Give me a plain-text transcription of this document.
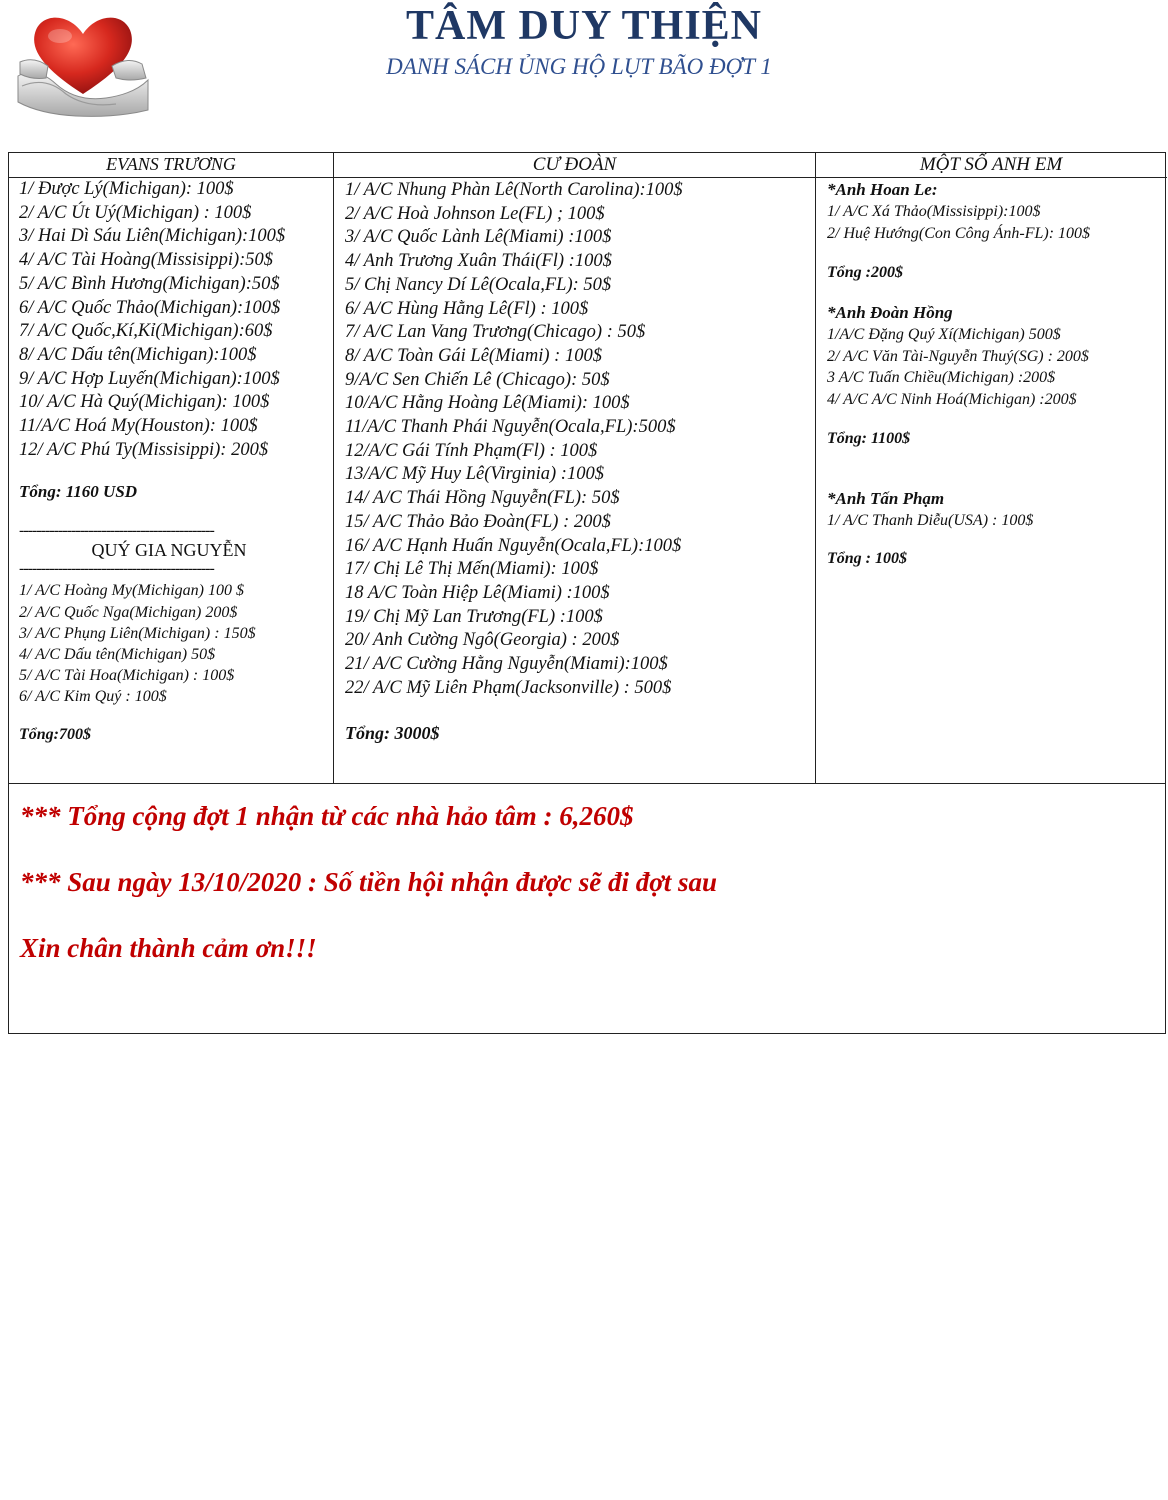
TÂM DUY THIỆN
DANH SÁCH ỦNG HỘ LỤT BÃO ĐỢT 1
EVANS TRƯƠNG
1/ Được Lý(Michigan): 100$
2/ A/C Út Uý(Michigan) : 100$
3/ Hai Dì Sáu Liên(Michigan):100$
4/ A/C Tài Hoàng(Missisippi):50$
5/ A/C Bình Hương(Michigan):50$
6/ A/C Quốc Thảo(Michigan):100$
7/ A/C Quốc,Kí,Kỉ(Michigan):60$
8/ A/C Dấu tên(Michigan):100$
9/ A/C Hợp Luyến(Michigan):100$
10/ A/C Hà Quý(Michigan): 100$
11/A/C Hoá My(Houston): 100$
12/ A/C Phú Ty(Missisippi): 200$
Tổng: 1160 USD
---------------------------------------------
QUÝ GIA NGUYỄN
---------------------------------------------
1/ A/C Hoàng My(Michigan) 100 $
2/ A/C Quốc Nga(Michigan) 200$
3/ A/C Phụng Liên(Michigan) : 150$
4/ A/C Dấu tên(Michigan) 50$
5/ A/C Tài Hoa(Michigan) : 100$
6/ A/C Kim Quý : 100$
Tổng:700$
CƯ ĐOÀN
1/ A/C Nhung Phàn Lê(North Carolina):100$
2/ A/C Hoà Johnson Le(FL) ; 100$
3/ A/C Quốc Lành Lê(Miami) :100$
4/ Anh Trương Xuân Thái(Fl) :100$
5/ Chị Nancy Dí Lê(Ocala,FL): 50$
6/ A/C Hùng Hằng Lê(Fl) : 100$
7/ A/C Lan Vang Trương(Chicago) : 50$
8/ A/C Toàn Gái Lê(Miami) : 100$
9/A/C Sen Chiến Lê (Chicago): 50$
10/A/C Hằng Hoàng Lê(Miami): 100$
11/A/C Thanh Phái Nguyễn(Ocala,FL):500$
12/A/C Gái Tính Phạm(Fl) : 100$
13/A/C Mỹ Huy Lê(Virginia) :100$
14/ A/C Thái Hồng Nguyễn(FL): 50$
15/ A/C Thảo Bảo Đoàn(FL) : 200$
16/ A/C Hạnh Huấn Nguyễn(Ocala,FL):100$
17/ Chị Lê Thị Mến(Miami): 100$
18 A/C Toàn Hiệp Lê(Miami) :100$
19/ Chị Mỹ Lan Trương(FL) :100$
20/ Anh Cường Ngô(Georgia) : 200$
21/ A/C Cường Hằng Nguyễn(Miami):100$
22/ A/C Mỹ Liên Phạm(Jacksonville) : 500$
Tổng: 3000$
MỘT SỐ ANH EM
*Anh Hoan Le:
1/ A/C Xá Thảo(Missisippi):100$
2/ Huệ Hướng(Con Công Ánh-FL): 100$
Tổng :200$
*Anh Đoàn Hồng
1/A/C Đặng Quý Xí(Michigan) 500$
2/ A/C Văn Tài-Nguyễn Thuý(SG) : 200$
3 A/C Tuấn Chiều(Michigan) :200$
4/ A/C A/C Ninh Hoá(Michigan) :200$
Tổng: 1100$
*Anh Tấn Phạm
1/ A/C Thanh Diễu(USA) : 100$
Tổng : 100$
*** Tổng cộng đợt 1 nhận từ các nhà hảo tâm : 6,260$
*** Sau ngày 13/10/2020 : Số tiền hội nhận được sẽ đi đợt sau
Xin chân thành cảm ơn!!!
